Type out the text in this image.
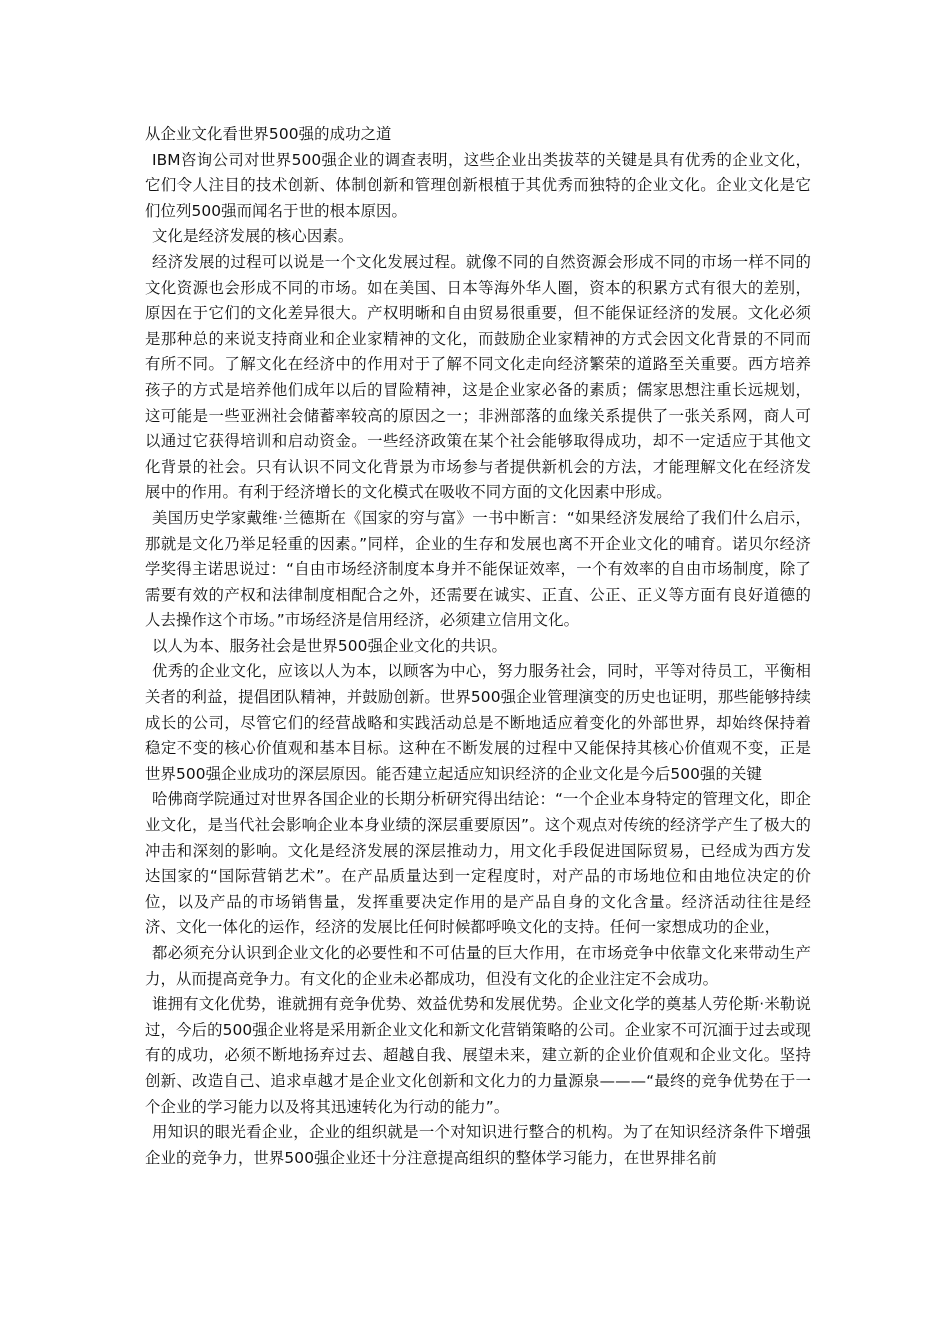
从企业文化看世界500强的成功之道

IBM咨询公司对世界500强企业的调查表明，这些企业出类拔萃的关键是具有优秀的企业文化，它们令人注目的技术创新、体制创新和管理创新根植于其优秀而独特的企业文化。企业文化是它们位列500强而闻名于世的根本原因。

文化是经济发展的核心因素。

经济发展的过程可以说是一个文化发展过程。就像不同的自然资源会形成不同的市场一样不同的文化资源也会形成不同的市场。如在美国、日本等海外华人圈，资本的积累方式有很大的差别，原因在于它们的文化差异很大。产权明晰和自由贸易很重要，但不能保证经济的发展。文化必须是那种总的来说支持商业和企业家精神的文化，而鼓励企业家精神的方式会因文化背景的不同而有所不同。了解文化在经济中的作用对于了解不同文化走向经济繁荣的道路至关重要。西方培养孩子的方式是培养他们成年以后的冒险精神，这是企业家必备的素质；儒家思想注重长远规划，这可能是一些亚洲社会储蓄率较高的原因之一；非洲部落的血缘关系提供了一张关系网，商人可以通过它获得培训和启动资金。一些经济政策在某个社会能够取得成功，却不一定适应于其他文化背景的社会。只有认识不同文化背景为市场参与者提供新机会的方法，才能理解文化在经济发展中的作用。有利于经济增长的文化模式在吸收不同方面的文化因素中形成。

美国历史学家戴维·兰德斯在《国家的穷与富》一书中断言：“如果经济发展给了我们什么启示，那就是文化乃举足轻重的因素。”同样，企业的生存和发展也离不开企业文化的哺育。诺贝尔经济学奖得主诺思说过：“自由市场经济制度本身并不能保证效率，一个有效率的自由市场制度，除了需要有效的产权和法律制度相配合之外，还需要在诚实、正直、公正、正义等方面有良好道德的人去操作这个市场。”市场经济是信用经济，必须建立信用文化。

以人为本、服务社会是世界500强企业文化的共识。

优秀的企业文化，应该以人为本，以顾客为中心，努力服务社会，同时，平等对待员工，平衡相关者的利益，提倡团队精神，并鼓励创新。世界500强企业管理演变的历史也证明，那些能够持续成长的公司，尽管它们的经营战略和实践活动总是不断地适应着变化的外部世界，却始终保持着稳定不变的核心价值观和基本目标。这种在不断发展的过程中又能保持其核心价值观不变，正是世界500强企业成功的深层原因。能否建立起适应知识经济的企业文化是今后500强的关键

哈佛商学院通过对世界各国企业的长期分析研究得出结论：“一个企业本身特定的管理文化，即企业文化，是当代社会影响企业本身业绩的深层重要原因”。这个观点对传统的经济学产生了极大的冲击和深刻的影响。文化是经济发展的深层推动力，用文化手段促进国际贸易，已经成为西方发达国家的“国际营销艺术”。在产品质量达到一定程度时，对产品的市场地位和由地位决定的价位，以及产品的市场销售量，发挥重要决定作用的是产品自身的文化含量。经济活动往往是经济、文化一体化的运作，经济的发展比任何时候都呼唤文化的支持。任何一家想成功的企业，

都必须充分认识到企业文化的必要性和不可估量的巨大作用，在市场竞争中依靠文化来带动生产力，从而提高竞争力。有文化的企业未必都成功，但没有文化的企业注定不会成功。

谁拥有文化优势，谁就拥有竞争优势、效益优势和发展优势。企业文化学的奠基人劳伦斯·米勒说过，今后的500强企业将是采用新企业文化和新文化营销策略的公司。企业家不可沉湎于过去或现有的成功，必须不断地扬弃过去、超越自我、展望未来，建立新的企业价值观和企业文化。坚持创新、改造自己、追求卓越才是企业文化创新和文化力的力量源泉———“最终的竞争优势在于一个企业的学习能力以及将其迅速转化为行动的能力”。

用知识的眼光看企业，企业的组织就是一个对知识进行整合的机构。为了在知识经济条件下增强企业的竞争力，世界500强企业还十分注意提高组织的整体学习能力，在世界排名前
